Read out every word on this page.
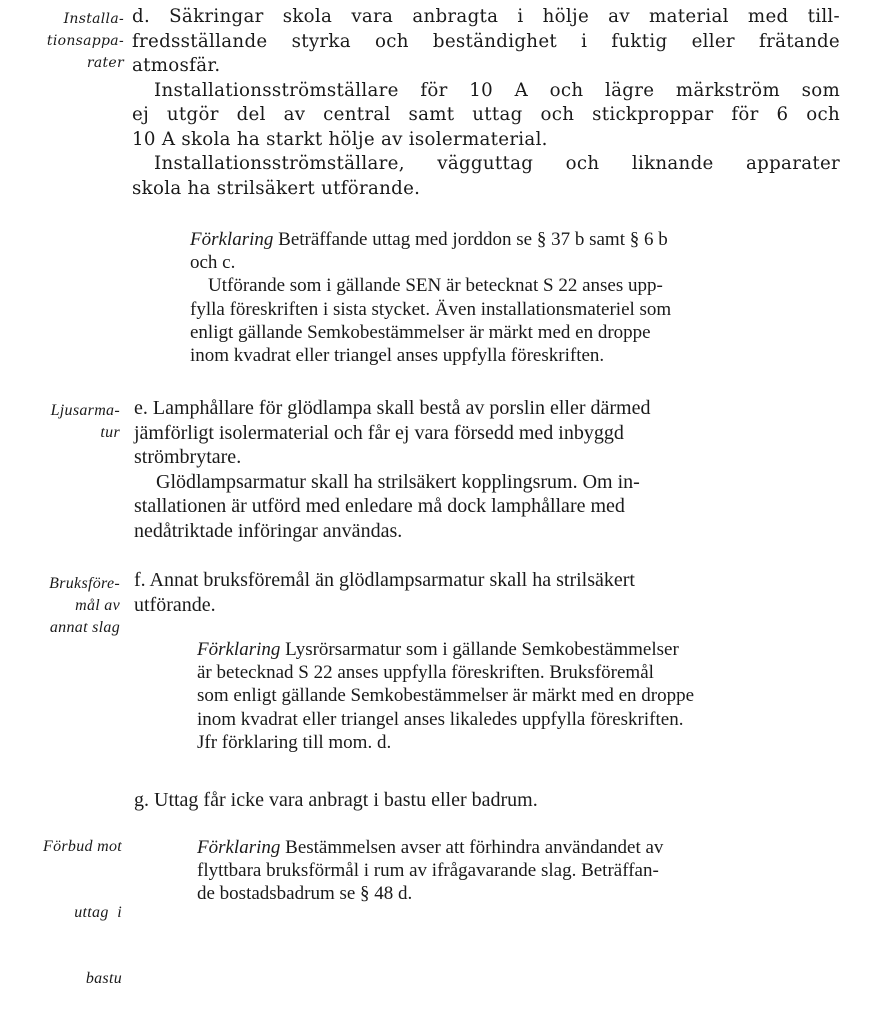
Installa-
tionsappa-
rater
d. Säkringar skola vara anbragta i hölje av material med till-
fredsställande styrka och beständighet i fuktig eller frätande
atmosfär.
Installationsströmställare för 10 A och lägre märkström som
ej utgör del av central samt uttag och stickproppar för 6 och
10 A skola ha starkt hölje av isolermaterial.
Installationsströmställare, vägguttag och liknande apparater
skola ha strilsäkert utförande.
Förklaring Beträffande uttag med jorddon se § 37 b samt § 6 b
och c.
Utförande som i gällande SEN är betecknat S 22 anses upp-
fylla föreskriften i sista stycket. Även installationsmateriel som
enligt gällande Semkobestämmelser är märkt med en droppe
inom kvadrat eller triangel anses uppfylla föreskriften.
Ljusarma-
tur
e. Lamphållare för glödlampa skall bestå av porslin eller därmed
jämförligt isolermaterial och får ej vara försedd med inbyggd
strömbrytare.
Glödlampsarmatur skall ha strilsäkert kopplingsrum. Om in-
stallationen är utförd med enledare må dock lamphållare med
nedåtriktade införingar användas.
Bruksföre-
mål av
annat slag
f. Annat bruksföremål än glödlampsarmatur skall ha strilsäkert
utförande.
Förklaring Lysrörsarmatur som i gällande Semkobestämmelser
är betecknad S 22 anses uppfylla föreskriften. Bruksföremål
som enligt gällande Semkobestämmelser är märkt med en droppe
inom kvadrat eller triangel anses likaledes uppfylla föreskriften.
Jfr förklaring till mom. d.

Förbud mot

uttag  i

bastu

g. Uttag får icke vara anbragt i bastu eller badrum.
Förklaring Bestämmelsen avser att förhindra användandet av
flyttbara bruksförmål i rum av ifrågavarande slag. Beträffan-
de bostadsbadrum se § 48 d.
